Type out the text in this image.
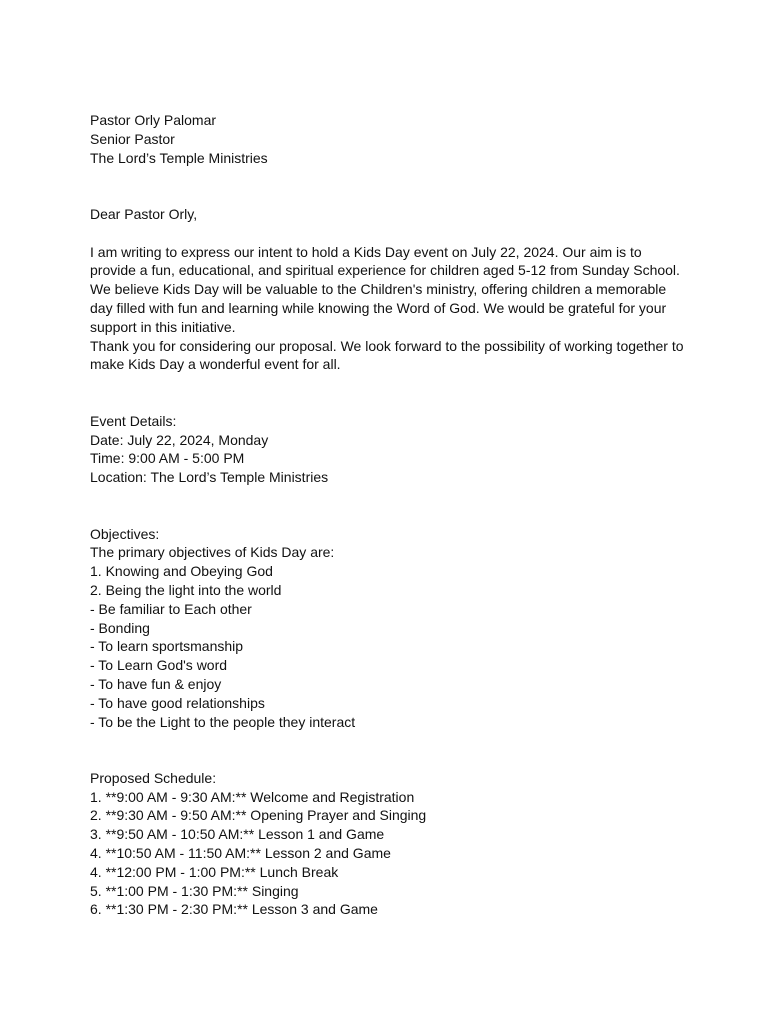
Pastor Orly Palomar
Senior Pastor
The Lord’s Temple Ministries
Dear Pastor Orly,
I am writing to express our intent to hold a Kids Day event on July 22, 2024. Our aim is to
provide a fun, educational, and spiritual experience for children aged 5-12 from Sunday School.
We believe Kids Day will be valuable to the Children's ministry, offering children a memorable
day filled with fun and learning while knowing the Word of God. We would be grateful for your
support in this initiative.
Thank you for considering our proposal. We look forward to the possibility of working together to
make Kids Day a wonderful event for all.
Event Details:
Date: July 22, 2024, Monday
Time: 9:00 AM - 5:00 PM
Location: The Lord’s Temple Ministries
Objectives:
The primary objectives of Kids Day are:
1. Knowing and Obeying God
2. Being the light into the world
- Be familiar to Each other
- Bonding
- To learn sportsmanship
- To Learn God's word
- To have fun & enjoy
- To have good relationships
- To be the Light to the people they interact
Proposed Schedule:
1. **9:00 AM - 9:30 AM:** Welcome and Registration
2. **9:30 AM - 9:50 AM:** Opening Prayer and Singing
3. **9:50 AM - 10:50 AM:** Lesson 1 and Game
4. **10:50 AM - 11:50 AM:** Lesson 2 and Game
4. **12:00 PM - 1:00 PM:** Lunch Break
5. **1:00 PM - 1:30 PM:** Singing
6. **1:30 PM - 2:30 PM:** Lesson 3 and Game
